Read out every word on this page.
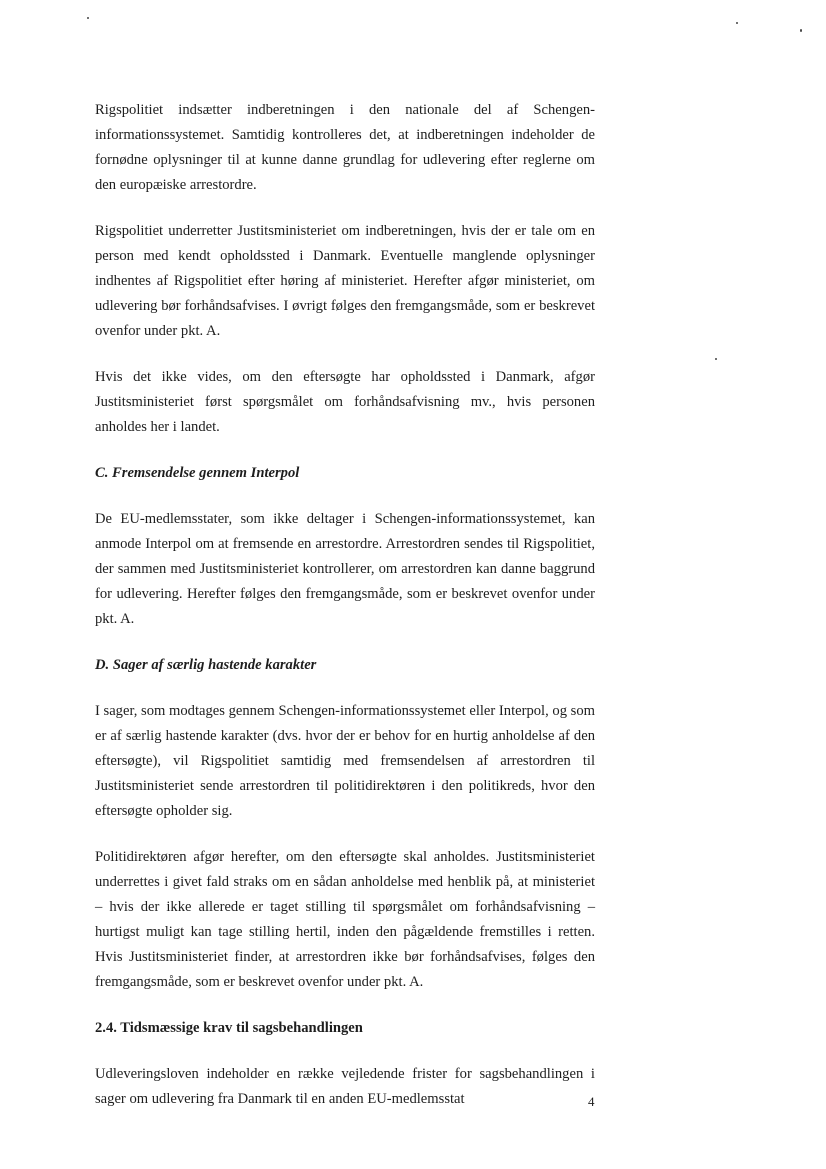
Rigspolitiet indsætter indberetningen i den nationale del af Schengen-informationssystemet. Samtidig kontrolleres det, at indberetningen indeholder de fornødne oplysninger til at kunne danne grundlag for udlevering efter reglerne om den europæiske arrestordre.

Rigspolitiet underretter Justitsministeriet om indberetningen, hvis der er tale om en person med kendt opholdssted i Danmark. Eventuelle manglende oplysninger indhentes af Rigspolitiet efter høring af ministeriet. Herefter afgør ministeriet, om udlevering bør forhåndsafvises. I øvrigt følges den fremgangsmåde, som er beskrevet ovenfor under pkt. A.

Hvis det ikke vides, om den eftersøgte har opholdssted i Danmark, afgør Justitsministeriet først spørgsmålet om forhåndsafvisning mv., hvis personen anholdes her i landet.

C. Fremsendelse gennem Interpol

De EU-medlemsstater, som ikke deltager i Schengen-informationssystemet, kan anmode Interpol om at fremsende en arrestordre. Arrestordren sendes til Rigspolitiet, der sammen med Justitsministeriet kontrollerer, om arrestordren kan danne baggrund for udlevering. Herefter følges den fremgangsmåde, som er beskrevet ovenfor under pkt. A.

D. Sager af særlig hastende karakter

I sager, som modtages gennem Schengen-informationssystemet eller Interpol, og som er af særlig hastende karakter (dvs. hvor der er behov for en hurtig anholdelse af den eftersøgte), vil Rigspolitiet samtidig med fremsendelsen af arrestordren til Justitsministeriet sende arrestordren til politidirektøren i den politikreds, hvor den eftersøgte opholder sig.

Politidirektøren afgør herefter, om den eftersøgte skal anholdes. Justitsministeriet underrettes i givet fald straks om en sådan anholdelse med henblik på, at ministeriet – hvis der ikke allerede er taget stilling til spørgsmålet om forhåndsafvisning – hurtigst muligt kan tage stilling hertil, inden den pågældende fremstilles i retten. Hvis Justitsministeriet finder, at arrestordren ikke bør forhåndsafvises, følges den fremgangsmåde, som er beskrevet ovenfor under pkt. A.

2.4. Tidsmæssige krav til sagsbehandlingen

Udleveringsloven indeholder en række vejledende frister for sagsbehandlingen i sager om udlevering fra Danmark til en anden EU-medlemsstat	4
